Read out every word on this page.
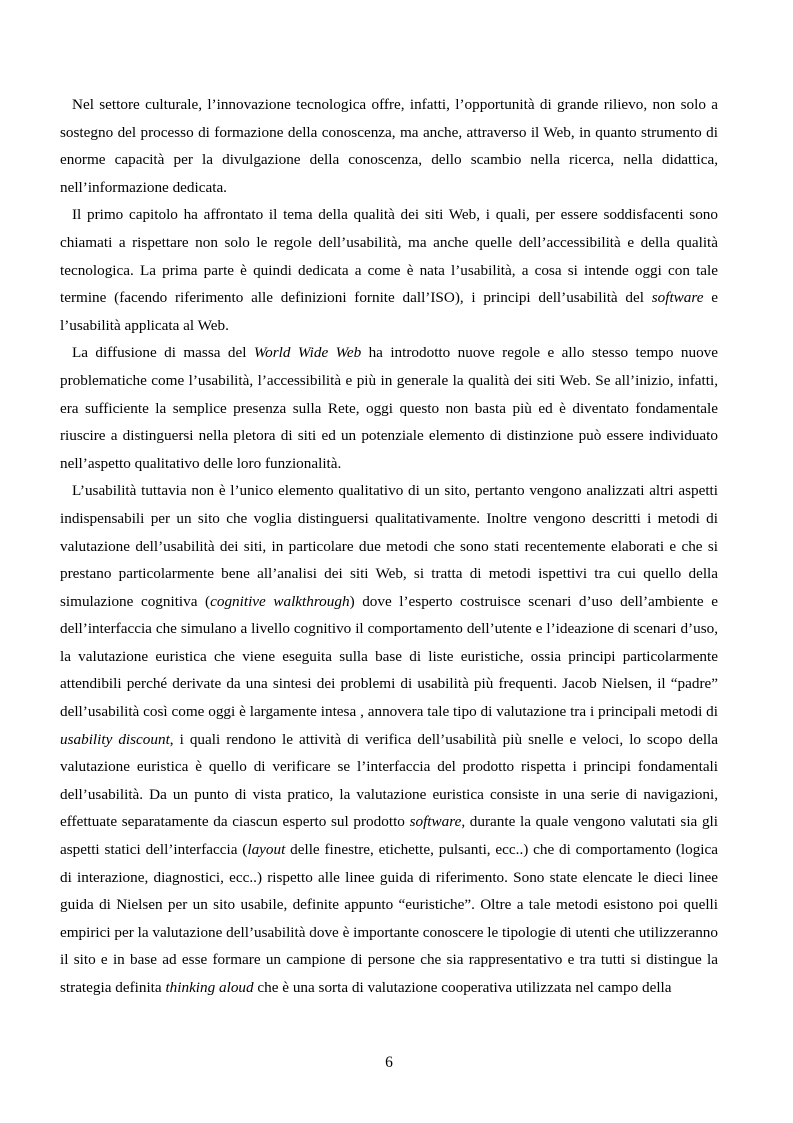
Nel settore culturale, l’innovazione tecnologica offre, infatti, l’opportunità di grande rilievo, non solo a sostegno del processo di formazione della conoscenza, ma anche, attraverso il Web, in quanto strumento di enorme capacità per la divulgazione della conoscenza, dello scambio nella ricerca, nella didattica, nell’informazione dedicata.

Il primo capitolo ha affrontato il tema della qualità dei siti Web, i quali, per essere soddisfacenti sono chiamati a rispettare non solo le regole dell’usabilità, ma anche quelle dell’accessibilità e della qualità tecnologica. La prima parte è quindi dedicata a come è nata l’usabilità, a cosa si intende oggi con tale termine (facendo riferimento alle definizioni fornite dall’ISO), i principi dell’usabilità del software e l’usabilità applicata al Web.

La diffusione di massa del World Wide Web ha introdotto nuove regole e allo stesso tempo nuove problematiche come l’usabilità, l’accessibilità e più in generale la qualità dei siti Web. Se all’inizio, infatti, era sufficiente la semplice presenza sulla Rete, oggi questo non basta più ed è diventato fondamentale riuscire a distinguersi nella pletora di siti ed un potenziale elemento di distinzione può essere individuato nell’aspetto qualitativo delle loro funzionalità.

L’usabilità tuttavia non è l’unico elemento qualitativo di un sito, pertanto vengono analizzati altri aspetti indispensabili per un sito che voglia distinguersi qualitativamente. Inoltre vengono descritti i metodi di valutazione dell’usabilità dei siti, in particolare due metodi che sono stati recentemente elaborati e che si prestano particolarmente bene all’analisi dei siti Web, si tratta di metodi ispettivi tra cui quello della simulazione cognitiva (cognitive walkthrough) dove l’esperto costruisce scenari d’uso dell’ambiente e dell’interfaccia che simulano a livello cognitivo il comportamento dell’utente e l’ideazione di scenari d’uso, la valutazione euristica che viene eseguita sulla base di liste euristiche, ossia principi particolarmente attendibili perché derivate da una sintesi dei problemi di usabilità più frequenti. Jacob Nielsen, il “padre” dell’usabilità così come oggi è largamente intesa , annovera tale tipo di valutazione tra i principali metodi di usability discount, i quali rendono le attività di verifica dell’usabilità più snelle e veloci, lo scopo della valutazione euristica è quello di verificare se l’interfaccia del prodotto rispetta i principi fondamentali dell’usabilità. Da un punto di vista pratico, la valutazione euristica consiste in una serie di navigazioni, effettuate separatamente da ciascun esperto sul prodotto software, durante la quale vengono valutati sia gli aspetti statici dell’interfaccia (layout delle finestre, etichette, pulsanti, ecc..) che di comportamento (logica di interazione, diagnostici, ecc..) rispetto alle linee guida di riferimento. Sono state elencate le dieci linee guida di Nielsen per un sito usabile, definite appunto “euristiche”. Oltre a tale metodi esistono poi quelli empirici per la valutazione dell’usabilità dove è importante conoscere le tipologie di utenti che utilizzeranno il sito e in base ad esse formare un campione di persone che sia rappresentativo e tra tutti si distingue la strategia definita thinking aloud che è una sorta di valutazione cooperativa utilizzata nel campo della

6
